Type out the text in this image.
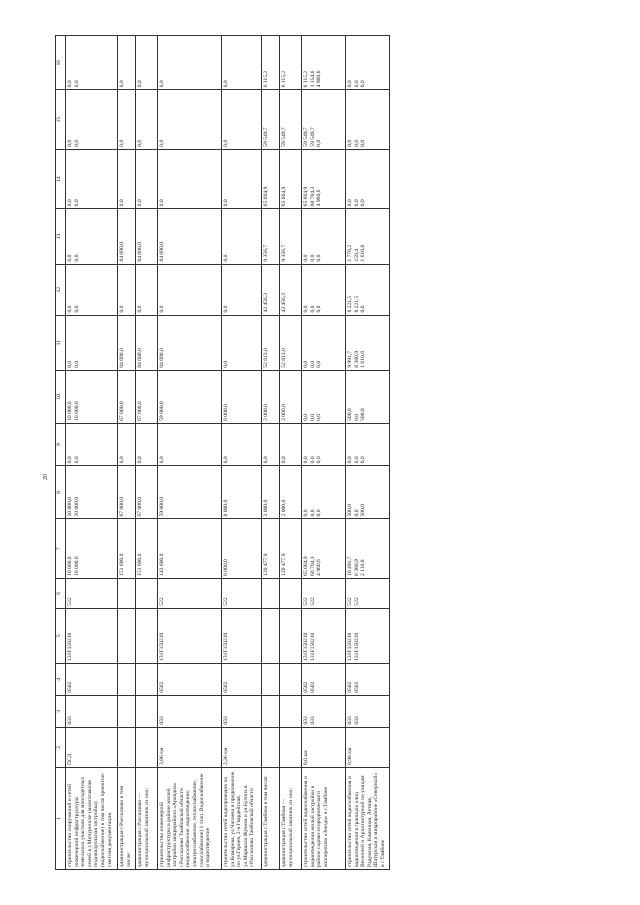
20
1	2	3	4	5	6	7	8	9	10	11	12	13	14	15	16

строительство сооружений и сетей инженерной инфраструктуры земельных участков для многодетных семей в г.Мичуринске (малоэтажная индивидуальная застройка) (водоснабжение) в том числе проектно-сметная документация	ПСД	033	0502	131F150210	522	10 000,0 10 000,0	10 000,0 10 000,0	0,0 0,0	10 000,0 10 000,0	0,0 0,0	0,0 0,0	0,0 0,0	0,0 0,0	0,0 0,0	0,0 0,0

администрация г.Рассказово в том числе:						151 600,0	67 000,0	0,0	67 000,0	84 600,0	0,0	84 600,0	0,0	0,0	0,0

администрация г.Рассказово — муниципальный заказчик из них:						151 600,0	67 000,0	0,0	67 000,0	84 600,0	0,0	84 600,0	0,0	0,0	0,0

строительство инженерной инфраструктуры в районе жилой застройки микрорайона «Ариадна» г.Рассказово Тамбовской области (водоснабжение, водоотведение, электроснабжение, теплоснабжение, газоснабжение) 1 этап. Водоснабжение и водоотведение	3,86 км	033	0502	131F150210	522	143 600,0	59 000,0	0,0	59 000,0	84 600,0	0,0	84 600,0	0,0	0,0	0,0

строительство сетей водопроводов по ул.Комарова, ул.Чапаева и продолжение по ул.Героев, 2-я Гвардейская, ул.Маршала Жукова и ул.Бутина в г.Рассказово Тамбовской области	2,36 км	033	0502	131F150210	522	8 000,0	8 000,0	0,0	8 000,0	0,0	0,0	0,0	0,0	0,0	0,0

администрация г.Тамбова в том числе:						120 477,9	2 000,0	0,0	2 000,0	52 813,0	43 456,3	9 356,7	65 664,9	59 549,7	6 115,2

администрация г.Тамбова — муниципальный заказчик из них:						120 477,9	2 000,0	0,0	2 000,0	52 813,0	43 456,3	9 356,7	65 664,9	59 549,7	6 115,2

строительство сетей водоснабжения и водоотведения жилой застройки в районе садово-огороднического кооператива «Звезда» в г.Тамбове	8,0 км	033 033	0502 0502	131F150210 131F150210	522 522	65 664,9 60 704,3 4 960,6	0,0 0,0 0,0	0,0 0,0 0,0	0,0 0,0 0,0	0,0 0,0 0,0	0,0 0,0 0,0	0,0 0,0 0,0	65 664,9 60 704,3 4 960,6	59 549,7 59 549,7 0,0	6 115,2 1 154,6 4 960,6

строительство сетей водоснабжения и водоотведения в границах улиц Весенней и Архитектурной по улицам Радужная, Каменная, Летняя, Шатурская и микрорайоне «Северный» в г.Тамбове	0,98 км	033 033	0502 0502	131F150210 131F150210	522 522	10 491,7 8 380,9 2 110,8	500,0 0,0 500,0	0,0 0,0 0,0	500,0 0,0 500,0	9 991,7 8 380,9 1 610,8	8 221,5 8 221,5 0,0	1 770,2 159,4 1 610,8	0,0 0,0 0,0	0,0 0,0 0,0	0,0 0,0 0,0
